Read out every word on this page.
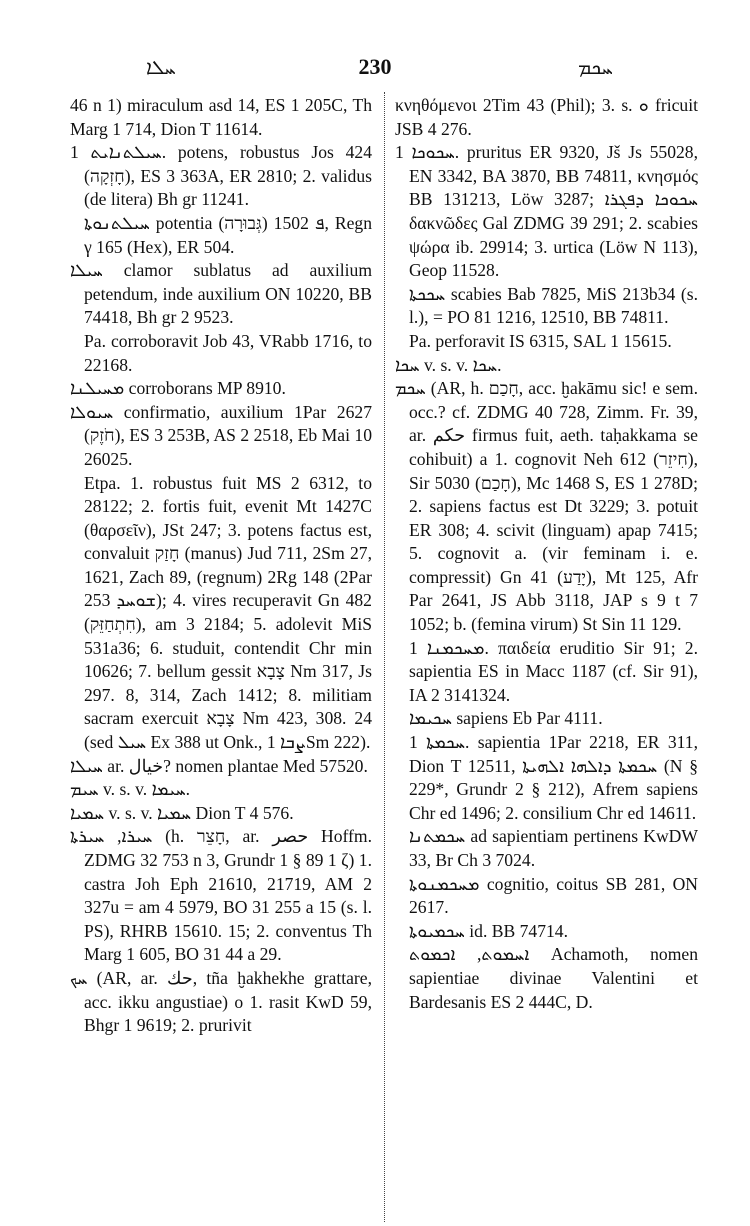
ܚܠܐ	230	ܚܟܡ

46 n 1) miraculum asd 14, ES 1 205C, Th Marg 1 714, Dion T 11614.

ܚܝܠܬܢܐܝܬ 1. potens, robustus Jos 424 (חָזְקָה), ES 3 363A, ER 2810; 2. validus (de litera) Bh gr 11241.

ܚܝܠܬܢܘܬܐ potentia ܦ 1502 (גְּבוּרָה), Regn γ 165 (Hex), ER 504.

ܚܝܠܐ clamor sublatus ad auxilium petendum, inde auxilium ON 10220, BB 74418, Bh gr 2 9523.

Pa. corroboravit Job 43, VRabb 1716, to 22168.

ܡܚܝܠܢܐ corroborans MP 8910.

ܚܝܘܠܐ confirmatio, auxilium 1Par 2627 (חֹזֶק), ES 3 253B, AS 2 2518, Eb Mai 10 26025.

Etpa. 1. robustus fuit MS 2 6312, to 28122; 2. fortis fuit, evenit Mt 1427C (θαρσεῖν), JSt 247; 3. potens factus est, convaluit חָזַק (manus) Jud 711, 2Sm 27, 1621, Zach 89, (regnum) 2Rg 148 (2Par 253 ܫܘܚܕ); 4. vires recuperavit Gn 482 (חִתְחַזֵּק), am 3 2184; 5. adolevit MiS 531a36; 6. studuit, contendit Chr min 10626; 7. bellum gessit צָבָא Nm 317, Js 297. 8, 314, Zach 1412; 8. militiam sacram exercuit צָבָא Nm 423, 308. 24 (sed ܚܝܠ Ex 388 ut Onk., ܨܒܐ 1Sm 222).

ܚܝܠܐ ar. خيال? nomen plantae Med 57520.

ܚܝܡ v. s. v. ܚܝܡܐ.

ܚܡܝܐ v. s. v. ܚܡܝܐ Dion T 4 576.

ܚܝܪܐ, ܚܝܪܬܐ (h. חָצֵר, ar. حصر Hoffm. ZDMG 32 753 n 3, Grundr 1 § 89 1 ζ) 1. castra Joh Eph 21610, 21719, AM 2 327u = am 4 5979, BO 31 255 a 15 (s. l. PS), RHRB 15610. 15; 2. conventus Th Marg 1 605, BO 31 44 a 29.

ܚܟ (AR, ar. حك, tña ḫakhekhe grattare, acc. ikku angustiae) o 1. rasit KwD 59, Bhgr 1 9619; 2. prurivit

κνηθόμενοι 2Tim 43 (Phil); 3. s. ܘ fricuit JSB 4 276.

ܚܟܘܟܐ 1. pruritus ER 9320, Jš Js 55028, EN 3342, BA 3870, BB 74811, κνησμός BB 131213, Löw 3287; ܚܟܘܟܐ ܕܦܓܪܐ δακνῶδες Gal ZDMG 39 291; 2. scabies ψώρα ib. 29914; 3. urtica (Löw N 113), Geop 11528.

ܚܟܟܬܐ scabies Bab 7825, MiS 213b34 (s. l.), = PO 81 1216, 12510, BB 74811.

Pa. perforavit IS 6315, SAL 1 15615.

ܚܟܐ v. s. v. ܚܟܐ.

ܚܟܡ (AR, h. חָכַם, acc. ḫakāmu sic! e sem. occ.? cf. ZDMG 40 728, Zimm. Fr. 39, ar. حكم firmus fuit, aeth. taḥakkama se cohibuit) a 1. cognovit Neh 612 (חִיזֵר), Sir 5030 (חָכַם), Mc 1468 S, ES 1 278D; 2. sapiens factus est Dt 3229; 3. potuit ER 308; 4. scivit (linguam) apap 7415; 5. cognovit a. (vir feminam i. e. compressit) Gn 41 (יָדַע), Mt 125, Afr Par 2641, JS Abb 3118, JAP s 9 t 7 1052; b. (femina virum) St Sin 11 129.

ܡܚܟܡܢܐ 1. παιδεία eruditio Sir 91; 2. sapientia ES in Macc 1187 (cf. Sir 91), IA 2 3141324.

ܚܟܝܡܐ sapiens Eb Par 4111.

ܚܟܡܬܐ 1. sapientia 1Par 2218, ER 311, Dion T 12511, ܚܟܡܬܐ ܕܐܠܗܐ ܐܠܗܝܬܐ (N § 229*, Grundr 2 § 212), Afrem sapiens Chr ed 1496; 2. consilium Chr ed 14611.

ܚܟܡܬܢܐ ad sapientiam pertinens KwDW 33, Br Ch 3 7024.

ܡܚܟܡܢܘܬܐ cognitio, coitus SB 281, ON 2617.

ܚܟܡܝܘܬܐ id. BB 74714.

ܐܚܡܘܬ, ܐܟܡܘܬ Achamoth, nomen sapientiae divinae Valentini et Bardesanis ES 2 444C, D.
